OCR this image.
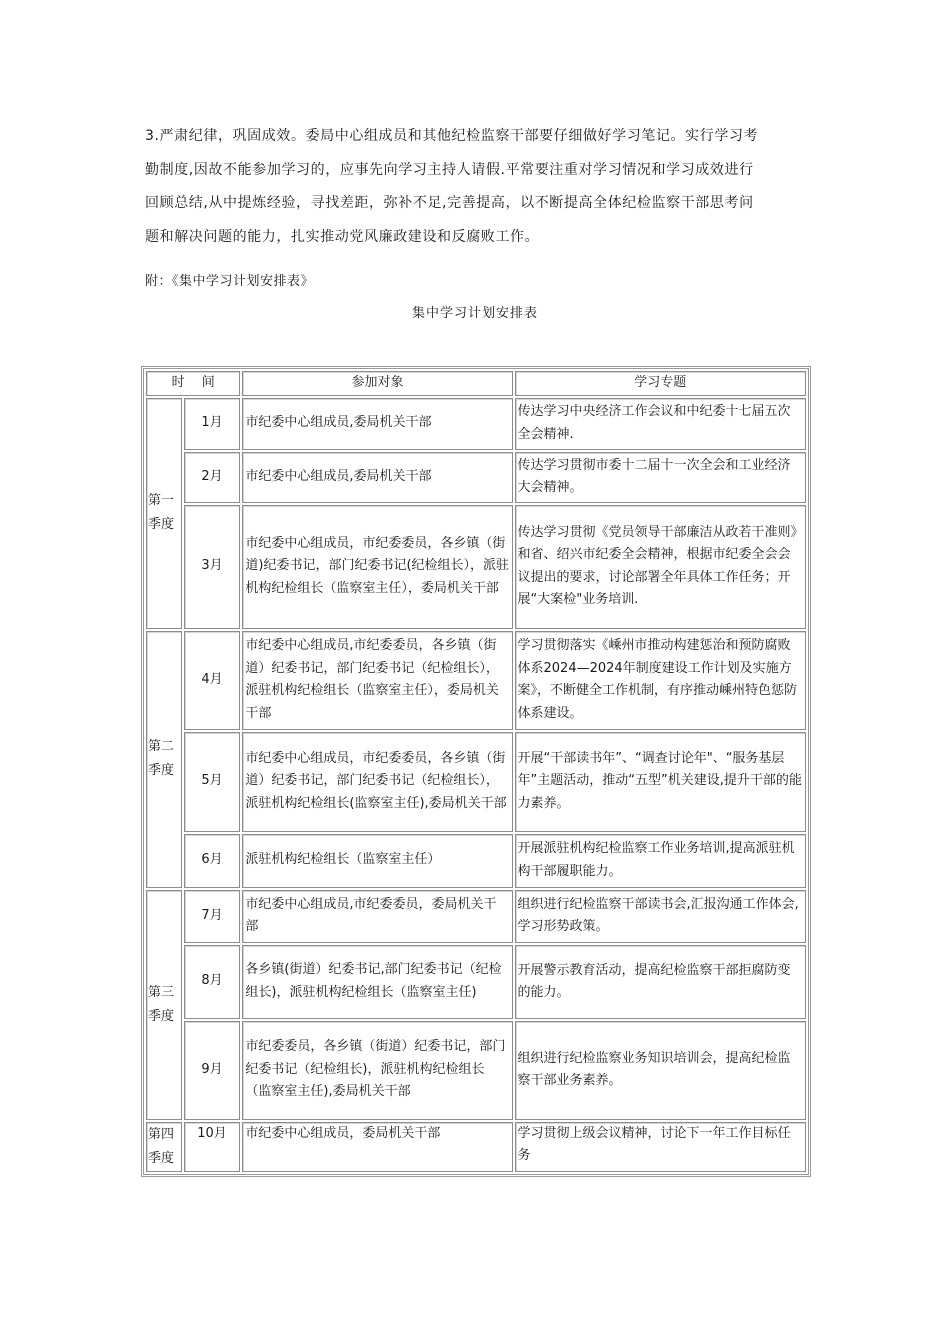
3.严肃纪律，巩固成效。委局中心组成员和其他纪检监察干部要仔细做好学习笔记。实行学习考

勤制度,因故不能参加学习的，应事先向学习主持人请假.平常要注重对学习情况和学习成效进行

回顾总结,从中提炼经验，寻找差距，弥补不足,完善提高，以不断提高全体纪检监察干部思考问

题和解决问题的能力，扎实推动党风廉政建设和反腐败工作。

附：《集中学习计划安排表》
集中学习计划安排表
时　 间		参加对象	学习专题
第一季度	1月	市纪委中心组成员,委局机关干部	传达学习中央经济工作会议和中纪委十七届五次全会精神.
	2月	市纪委中心组成员,委局机关干部	传达学习贯彻市委十二届十一次全会和工业经济大会精神。
	3月	市纪委中心组成员，市纪委委员，各乡镇（街道)纪委书记，部门纪委书记(纪检组长），派驻机构纪检组长（监察室主任），委局机关干部	传达学习贯彻《党员领导干部廉洁从政若干准则》和省、绍兴市纪委全会精神，根据市纪委全会会议提出的要求，讨论部署全年具体工作任务；开展“大案检"业务培训.
第二季度	4月	市纪委中心组成员,市纪委委员，各乡镇（街道）纪委书记，部门纪委书记（纪检组长），派驻机构纪检组长（监察室主任），委局机关干部	学习贯彻落实《嵊州市推动构建惩治和预防腐败体系2024—2024年制度建设工作计划及实施方案》，不断健全工作机制，有序推动嵊州特色惩防体系建设。
	5月	市纪委中心组成员，市纪委委员，各乡镇（街道）纪委书记，部门纪委书记（纪检组长），派驻机构纪检组长(监察室主任),委局机关干部	开展“干部读书年”、“调查讨论年"、“服务基层年”主题活动，推动“五型”机关建设,提升干部的能力素养。
	6月	派驻机构纪检组长（监察室主任）	开展派驻机构纪检监察工作业务培训,提高派驻机构干部履职能力。
第三季度	7月	市纪委中心组成员,市纪委委员，委局机关干部	组织进行纪检监察干部读书会,汇报沟通工作体会,学习形势政策。
	8月	各乡镇(街道）纪委书记,部门纪委书记（纪检组长)，派驻机构纪检组长（监察室主任)	开展警示教育活动，提高纪检监察干部拒腐防变的能力。
	9月	市纪委委员，各乡镇（街道）纪委书记，部门纪委书记（纪检组长)，派驻机构纪检组长（监察室主任),委局机关干部	组织进行纪检监察业务知识培训会，提高纪检监察干部业务素养。
第四季度	10月	市纪委中心组成员，委局机关干部	学习贯彻上级会议精神，讨论下一年工作目标任务
